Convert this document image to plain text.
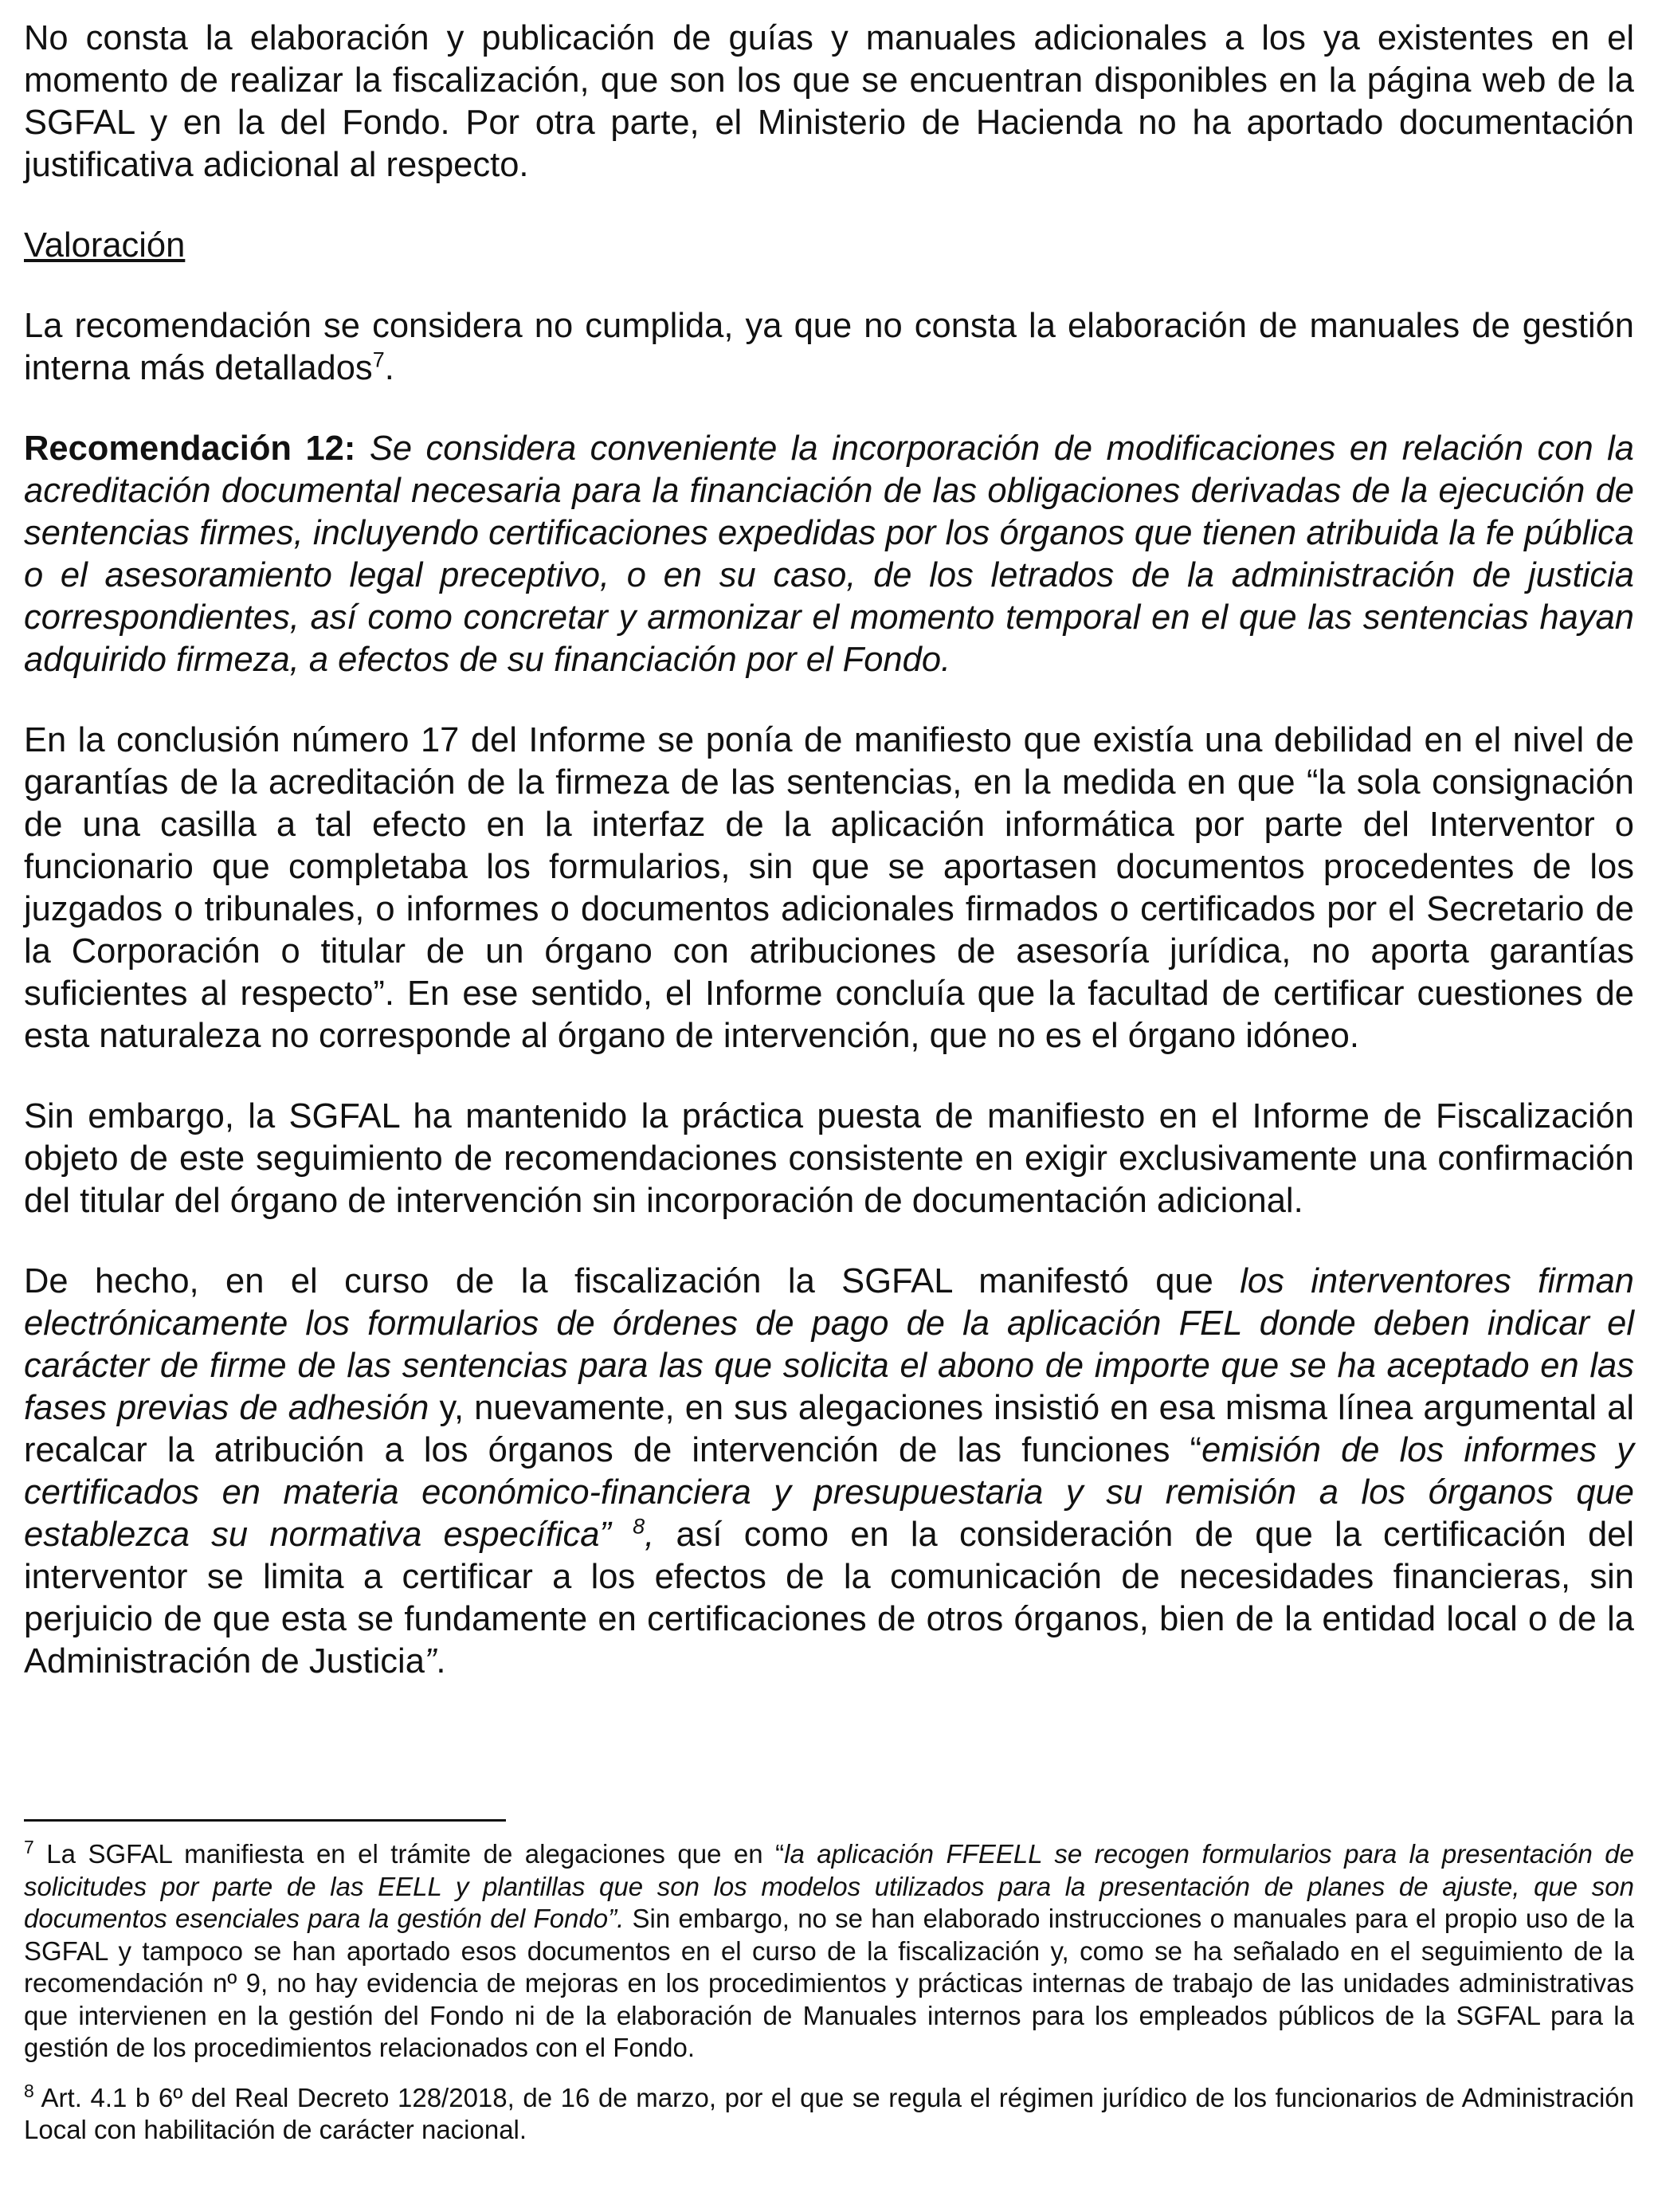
No consta la elaboración y publicación de guías y manuales adicionales a los ya existentes en el momento de realizar la fiscalización, que son los que se encuentran disponibles en la página web de la SGFAL y en la del Fondo. Por otra parte, el Ministerio de Hacienda no ha aportado documentación justificativa adicional al respecto.

Valoración

La recomendación se considera no cumplida, ya que no consta la elaboración de manuales de gestión interna más detallados$^7$.

Recomendación 12: Se considera conveniente la incorporación de modificaciones en relación con la acreditación documental necesaria para la financiación de las obligaciones derivadas de la ejecución de sentencias firmes, incluyendo certificaciones expedidas por los órganos que tienen atribuida la fe pública o el asesoramiento legal preceptivo, o en su caso, de los letrados de la administración de justicia correspondientes, así como concretar y armonizar el momento temporal en el que las sentencias hayan adquirido firmeza, a efectos de su financiación por el Fondo.

En la conclusión número 17 del Informe se ponía de manifiesto que existía una debilidad en el nivel de garantías de la acreditación de la firmeza de las sentencias, en la medida en que “la sola consignación de una casilla a tal efecto en la interfaz de la aplicación informática por parte del Interventor o funcionario que completaba los formularios, sin que se aportasen documentos procedentes de los juzgados o tribunales, o informes o documentos adicionales firmados o certificados por el Secretario de la Corporación o titular de un órgano con atribuciones de asesoría jurídica, no aporta garantías suficientes al respecto”. En ese sentido, el Informe concluía que la facultad de certificar cuestiones de esta naturaleza no corresponde al órgano de intervención, que no es el órgano idóneo.

Sin embargo, la SGFAL ha mantenido la práctica puesta de manifiesto en el Informe de Fiscalización objeto de este seguimiento de recomendaciones consistente en exigir exclusivamente una confirmación del titular del órgano de intervención sin incorporación de documentación adicional.

De hecho, en el curso de la fiscalización la SGFAL manifestó que los interventores firman electrónicamente los formularios de órdenes de pago de la aplicación FEL donde deben indicar el carácter de firme de las sentencias para las que solicita el abono de importe que se ha aceptado en las fases previas de adhesión y, nuevamente, en sus alegaciones insistió en esa misma línea argumental al recalcar la atribución a los órganos de intervención de las funciones “emisión de los informes y certificados en materia económico-financiera y presupuestaria y su remisión a los órganos que establezca su normativa específica” $^8$, así como en la consideración de que la certificación del interventor se limita a certificar a los efectos de la comunicación de necesidades financieras, sin perjuicio de que esta se fundamente en certificaciones de otros órganos, bien de la entidad local o de la Administración de Justicia”.

$^7$ La SGFAL manifiesta en el trámite de alegaciones que en “la aplicación FFEELL se recogen formularios para la presentación de solicitudes por parte de las EELL y plantillas que son los modelos utilizados para la presentación de planes de ajuste, que son documentos esenciales para la gestión del Fondo”. Sin embargo, no se han elaborado instrucciones o manuales para el propio uso de la SGFAL y tampoco se han aportado esos documentos en el curso de la fiscalización y, como se ha señalado en el seguimiento de la recomendación nº 9, no hay evidencia de mejoras en los procedimientos y prácticas internas de trabajo de las unidades administrativas que intervienen en la gestión del Fondo ni de la elaboración de Manuales internos para los empleados públicos de la SGFAL para la gestión de los procedimientos relacionados con el Fondo.

$^8$ Art. 4.1 b 6º del Real Decreto 128/2018, de 16 de marzo, por el que se regula el régimen jurídico de los funcionarios de Administración Local con habilitación de carácter nacional.
